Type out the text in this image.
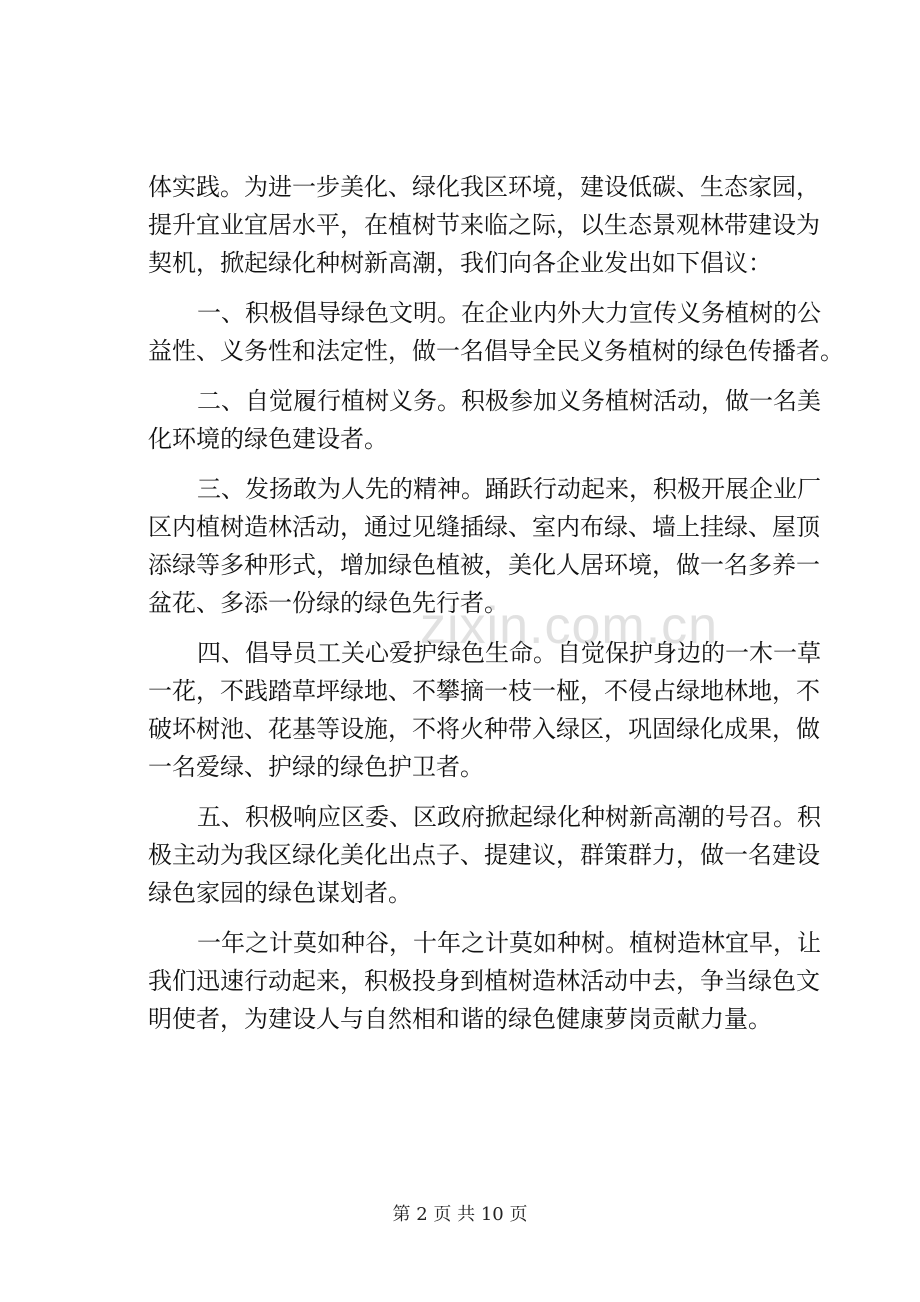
体实践。为进一步美化、绿化我区环境，建设低碳、生态家园，
提升宜业宜居水平，在植树节来临之际，以生态景观林带建设为
契机，掀起绿化种树新高潮，我们向各企业发出如下倡议：
一、积极倡导绿色文明。在企业内外大力宣传义务植树的公
益性、义务性和法定性，做一名倡导全民义务植树的绿色传播者。
二、自觉履行植树义务。积极参加义务植树活动，做一名美
化环境的绿色建设者。
三、发扬敢为人先的精神。踊跃行动起来，积极开展企业厂
区内植树造林活动，通过见缝插绿、室内布绿、墙上挂绿、屋顶
添绿等多种形式，增加绿色植被，美化人居环境，做一名多养一
盆花、多添一份绿的绿色先行者。
四、倡导员工关心爱护绿色生命。自觉保护身边的一木一草
一花，不践踏草坪绿地、不攀摘一枝一桠，不侵占绿地林地，不
破坏树池、花基等设施，不将火种带入绿区，巩固绿化成果，做
一名爱绿、护绿的绿色护卫者。
五、积极响应区委、区政府掀起绿化种树新高潮的号召。积
极主动为我区绿化美化出点子、提建议，群策群力，做一名建设
绿色家园的绿色谋划者。
一年之计莫如种谷，十年之计莫如种树。植树造林宜早，让
我们迅速行动起来，积极投身到植树造林活动中去，争当绿色文
明使者，为建设人与自然相和谐的绿色健康萝岗贡献力量。
zixin.com.cn
第 2 页 共 10 页
